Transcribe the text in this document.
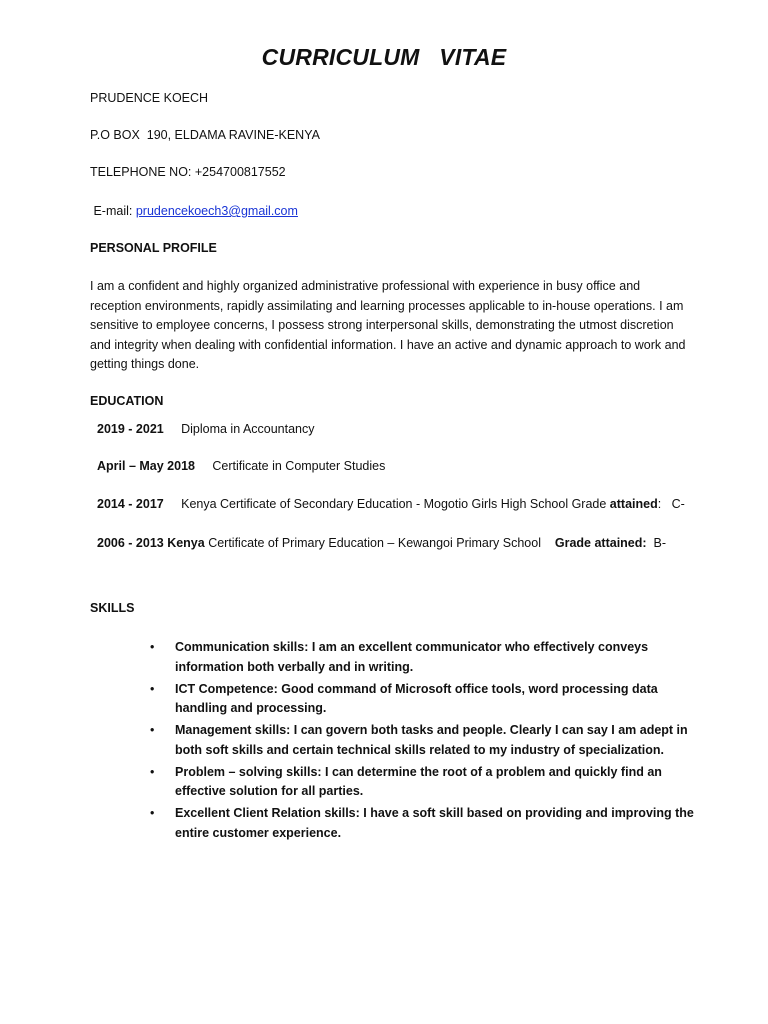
CURRICULUM   VITAE
PRUDENCE KOECH
P.O BOX  190, ELDAMA RAVINE-KENYA
TELEPHONE NO: +254700817552
E-mail: prudencekoech3@gmail.com
PERSONAL PROFILE
I am a confident and highly organized administrative professional with experience in busy office and reception environments, rapidly assimilating and learning processes applicable to in-house operations. I am sensitive to employee concerns, I possess strong interpersonal skills, demonstrating the utmost discretion and integrity when dealing with confidential information. I have an active and dynamic approach to work and getting things done.
EDUCATION
2019 - 2021 Diploma in Accountancy
April – May 2018 Certificate in Computer Studies
2014 - 2017 Kenya Certificate of Secondary Education - Mogotio Girls High School Grade attained:   C-
2006 - 2013 Kenya Certificate of Primary Education – Kewangoi Primary School    Grade attained:  B-
SKILLS
• Communication skills: I am an excellent communicator who effectively conveys information both verbally and in writing.
• ICT Competence: Good command of Microsoft office tools, word processing data handling and processing.
• Management skills: I can govern both tasks and people. Clearly I can say I am adept in both soft skills and certain technical skills related to my industry of specialization.
• Problem – solving skills: I can determine the root of a problem and quickly find an effective solution for all parties.
• Excellent Client Relation skills: I have a soft skill based on providing and improving the entire customer experience.
